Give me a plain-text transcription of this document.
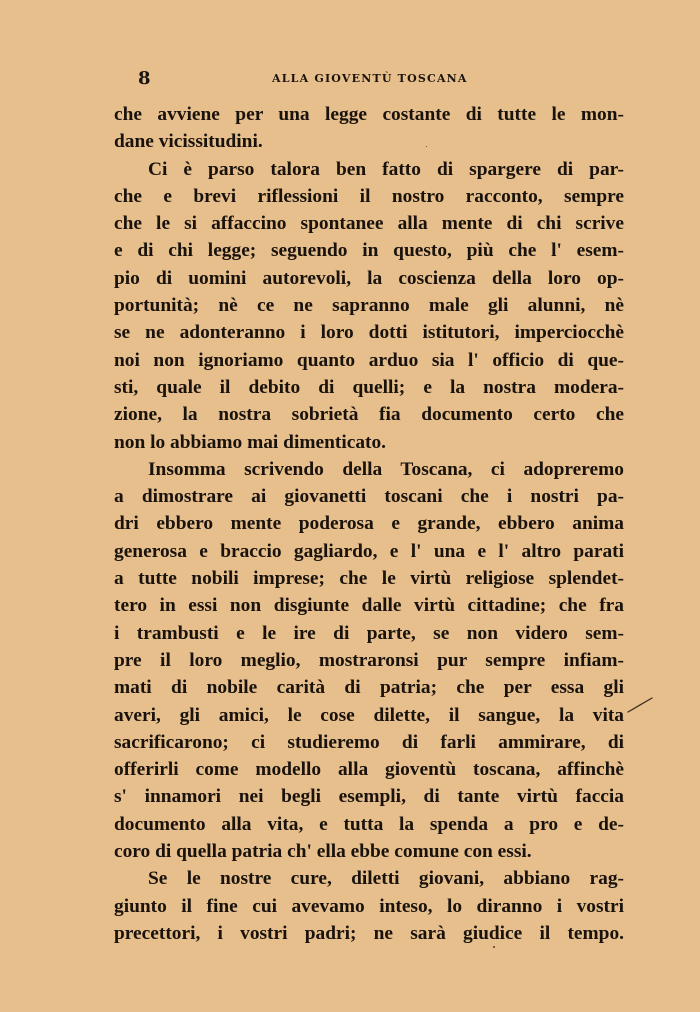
8	ALLA GIOVENTÙ TOSCANA
che avviene per una legge costante di tutte le mon-
dane vicissitudini.
Ci è parso talora ben fatto di spargere di par-
che e brevi riflessioni il nostro racconto, sempre
che le si affaccino spontanee alla mente di chi scrive
e di chi legge; seguendo in questo, più che l' esem-
pio di uomini autorevoli, la coscienza della loro op-
portunità; nè ce ne sapranno male gli alunni, nè
se ne adonteranno i loro dotti istitutori, imperciocchè
noi non ignoriamo quanto arduo sia l' officio di que-
sti, quale il debito di quelli; e la nostra modera-
zione, la nostra sobrietà fia documento certo che
non lo abbiamo mai dimenticato.
Insomma scrivendo della Toscana, ci adopreremo
a dimostrare ai giovanetti toscani che i nostri pa-
dri ebbero mente poderosa e grande, ebbero anima
generosa e braccio gagliardo, e l' una e l' altro parati
a tutte nobili imprese; che le virtù religiose splendet-
tero in essi non disgiunte dalle virtù cittadine; che fra
i trambusti e le ire di parte, se non videro sem-
pre il loro meglio, mostraronsi pur sempre infiam-
mati di nobile carità di patria; che per essa gli
averi, gli amici, le cose dilette, il sangue, la vita
sacrificarono; ci studieremo di farli ammirare, di
offerirli come modello alla gioventù toscana, affinchè
s' innamori nei begli esempli, di tante virtù faccia
documento alla vita, e tutta la spenda a pro e de-
coro di quella patria ch' ella ebbe comune con essi.
Se le nostre cure, diletti giovani, abbiano rag-
giunto il fine cui avevamo inteso, lo diranno i vostri
precettori, i vostri padri; ne sarà giudice il tempo.
